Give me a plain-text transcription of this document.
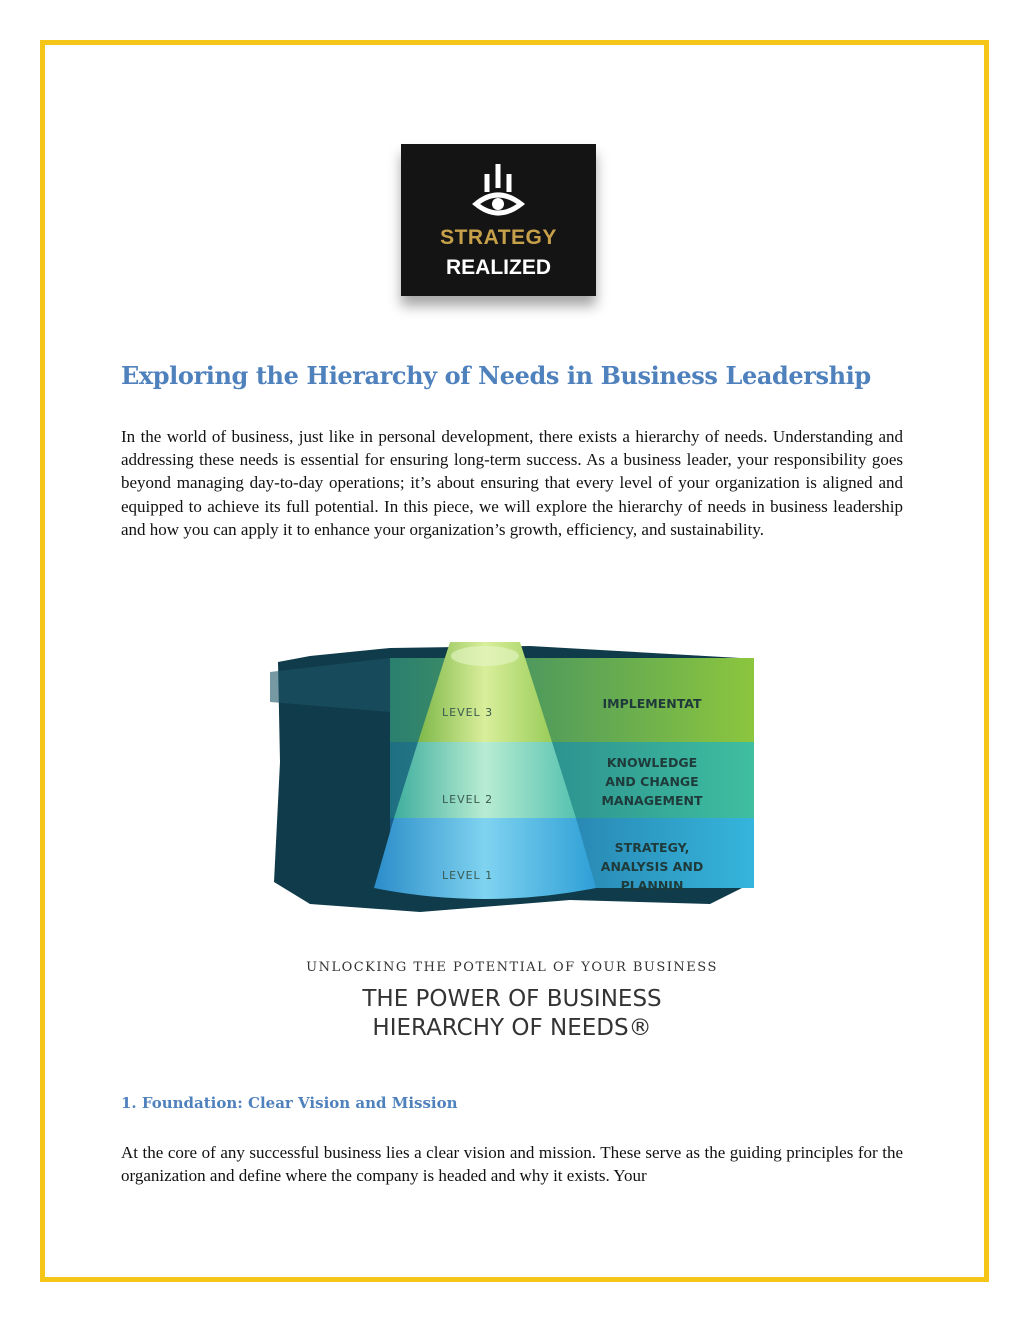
STRATEGY
REALIZED
Exploring the Hierarchy of Needs in Business Leadership

In the world of business, just like in personal development, there exists a hierarchy of needs. Understanding and addressing these needs is essential for ensuring long-term success. As a business leader, your responsibility goes beyond managing day-to-day operations; it’s about ensuring that every level of your organization is aligned and equipped to achieve its full potential. In this piece, we will explore the hierarchy of needs in business leadership and how you can apply it to enhance your organization’s growth, efficiency, and sustainability.

LEVEL 3
LEVEL 2
LEVEL 1
IMPLEMENTAT
KNOWLEDGE
AND CHANGE
MANAGEMENT
STRATEGY,
ANALYSIS AND
PLANNIN
UNLOCKING THE POTENTIAL OF YOUR BUSINESS
THE POWER OF BUSINESS
HIERARCHY OF NEEDS®
1. Foundation: Clear Vision and Mission

At the core of any successful business lies a clear vision and mission. These serve as the guiding principles for the organization and define where the company is headed and why it exists. Your
